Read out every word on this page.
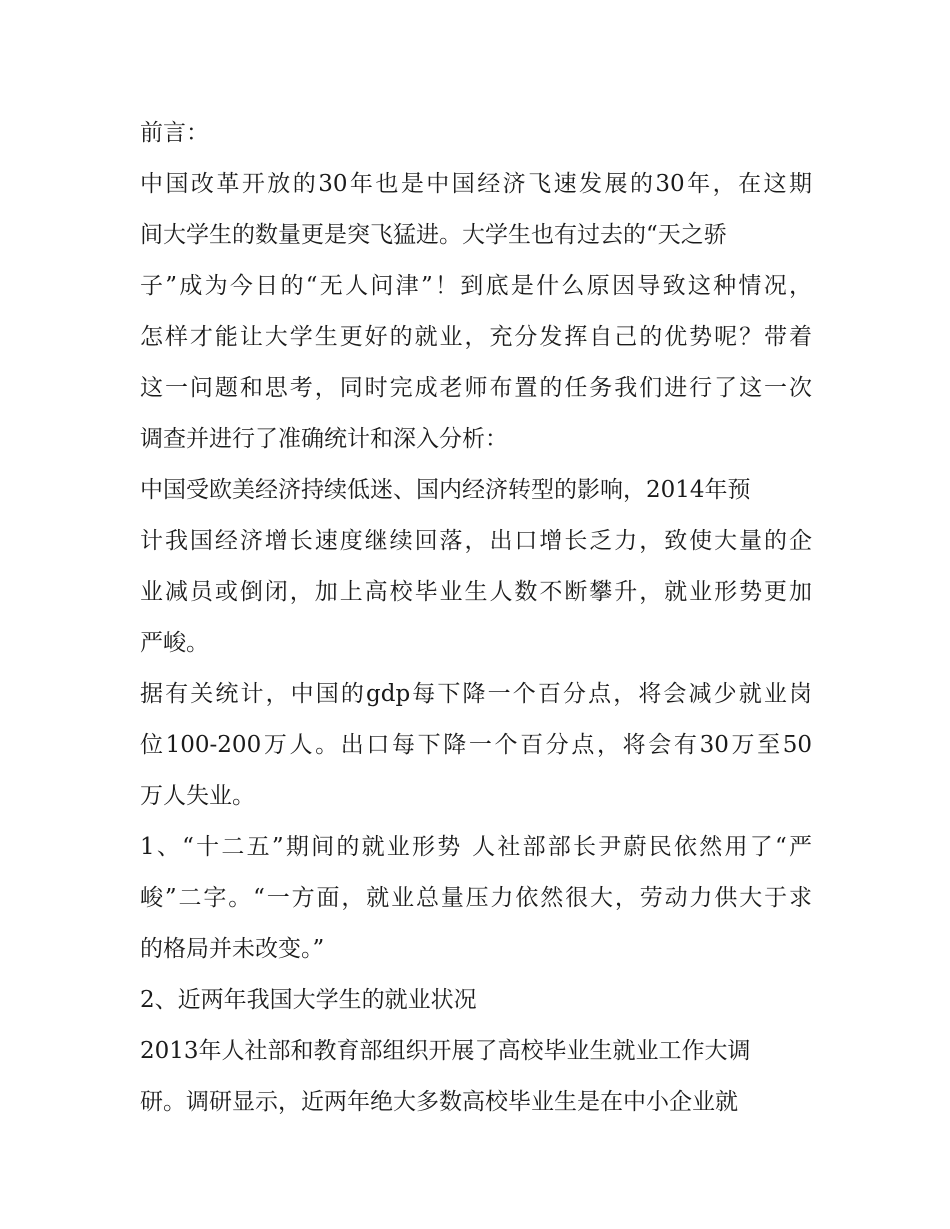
前言：
中国改革开放的30年也是中国经济飞速发展的30年，在这期
间大学生的数量更是突飞猛进。大学生也有过去的“天之骄
子”成为今日的“无人问津”！到底是什么原因导致这种情况，
怎样才能让大学生更好的就业，充分发挥自己的优势呢？带着
这一问题和思考，同时完成老师布置的任务我们进行了这一次
调查并进行了准确统计和深入分析：
中国受欧美经济持续低迷、国内经济转型的影响，2014年预
计我国经济增长速度继续回落，出口增长乏力，致使大量的企
业减员或倒闭，加上高校毕业生人数不断攀升，就业形势更加
严峻。
据有关统计，中国的gdp每下降一个百分点，将会减少就业岗
位100-200万人。出口每下降一个百分点，将会有30万至50
万人失业。
1、“十二五”期间的就业形势 人社部部长尹蔚民依然用了“严
峻”二字。“一方面，就业总量压力依然很大，劳动力供大于求
的格局并未改变。”
2、近两年我国大学生的就业状况
2013年人社部和教育部组织开展了高校毕业生就业工作大调
研。调研显示，近两年绝大多数高校毕业生是在中小企业就
